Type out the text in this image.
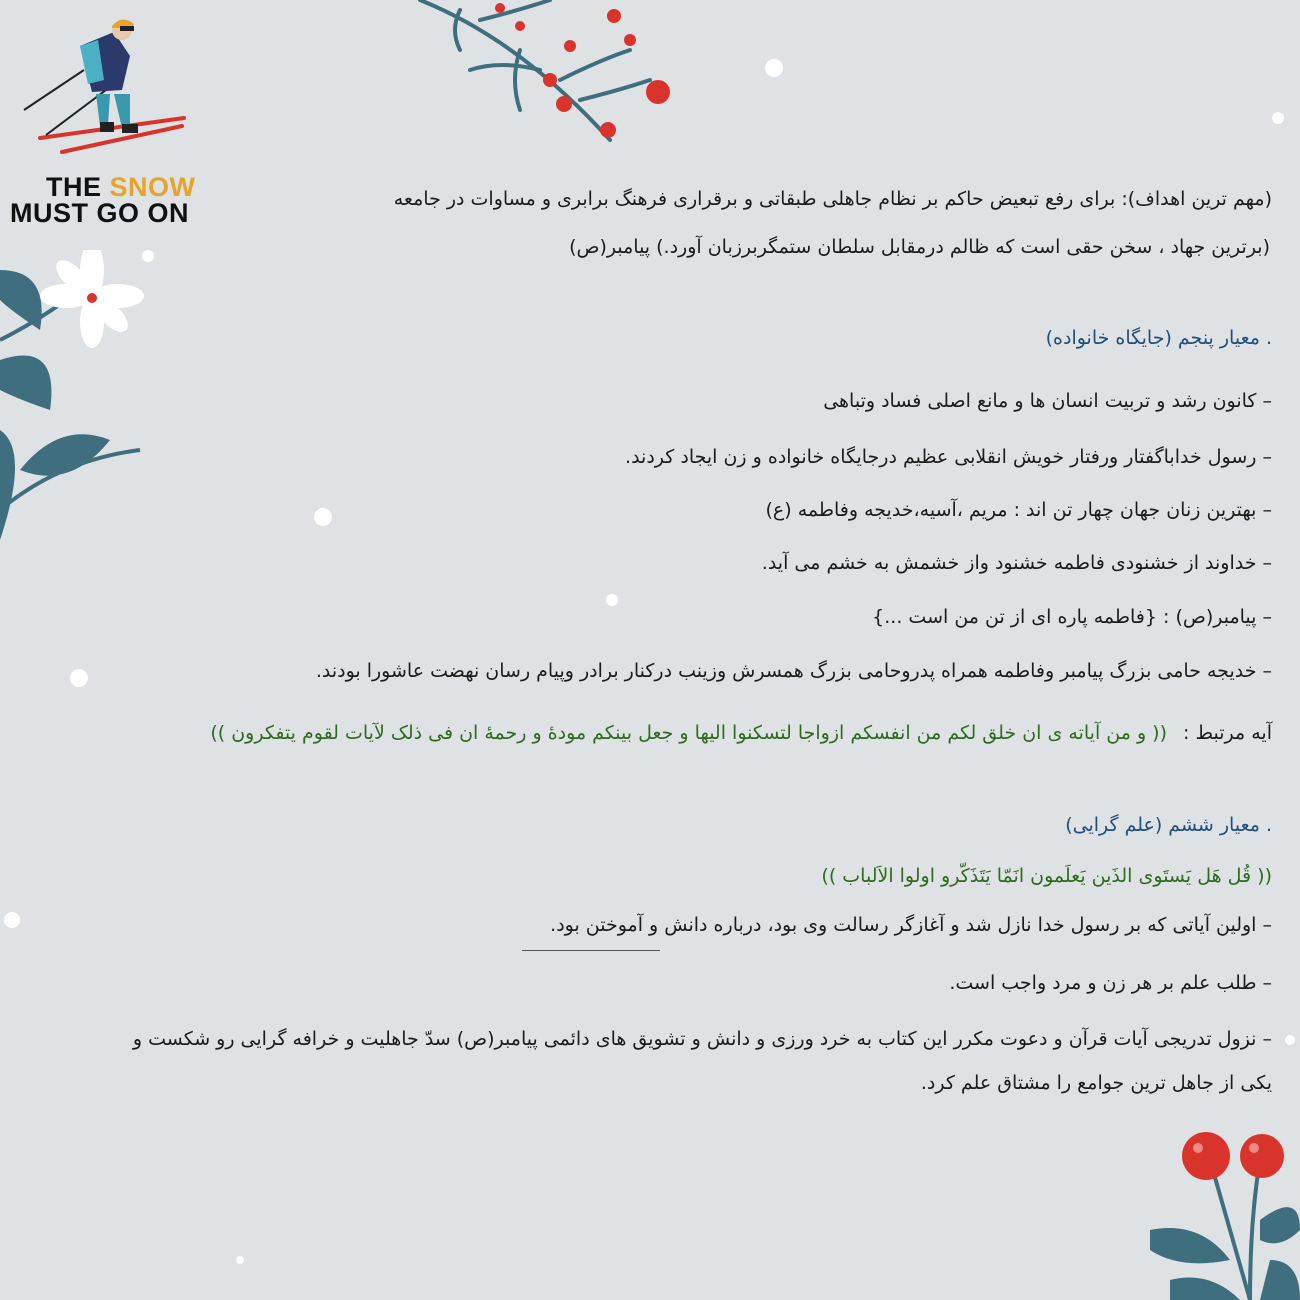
THE SNOW
MUST GO ON	(مهم ترین اهداف): برای رفع تبعیض حاکم بر نظام جاهلی طبقاتی و برقراری فرهنگ برابری و مساوات در جامعه
(برترین جهاد ، سخن حقی است که ظالم درمقابل سلطان ستمگربرزبان آورد.) پیامبر(ص)
. معیار پنجم (جایگاه خانواده)
– کانون رشد و تربیت انسان ها و مانع اصلی فساد وتباهی
– رسول خداباگفتار ورفتار خویش انقلابی عظیم درجایگاه خانواده و زن ایجاد کردند.
– بهترین زنان جهان چهار تن اند : مریم ،آسیه،خدیجه وفاطمه (ع)
– خداوند از خشنودی فاطمه خشنود واز خشمش به خشم می آید.
– پیامبر(ص) : {فاطمه پاره ای از تن من است ...}
– خدیجه حامی بزرگ پیامبر وفاطمه همراه پدروحامی بزرگ همسرش وزینب درکنار برادر وپیام رسان نهضت عاشورا بودند.
آیه مرتبط : (( و من آیاته ی ان خلق لکم من انفسکم ازواجا لتسکنوا الیها و جعل بینکم مودۀ و رحمۀ ان فی ذلک لآیات لقوم یتفکرون ))
. معیار ششم (علم گرایی)
(( قُل هَل یَستَوی الذَین یَعلَمون انَمّا یَتَذَکّرو اولوا الاَلباب ))
– اولین آیاتی که بر رسول خدا نازل شد و آغازگر رسالت وی بود، درباره دانش و آموختن بود.
– طلب علم بر هر زن و مرد واجب است.
– نزول تدریجی آیات قرآن و دعوت مکرر این کتاب به خرد ورزی و دانش و تشویق های دائمی پیامبر(ص) سدّ جاهلیت و خرافه گرایی رو شکست و
یکی از جاهل ترین جوامع را مشتاق علم کرد.
